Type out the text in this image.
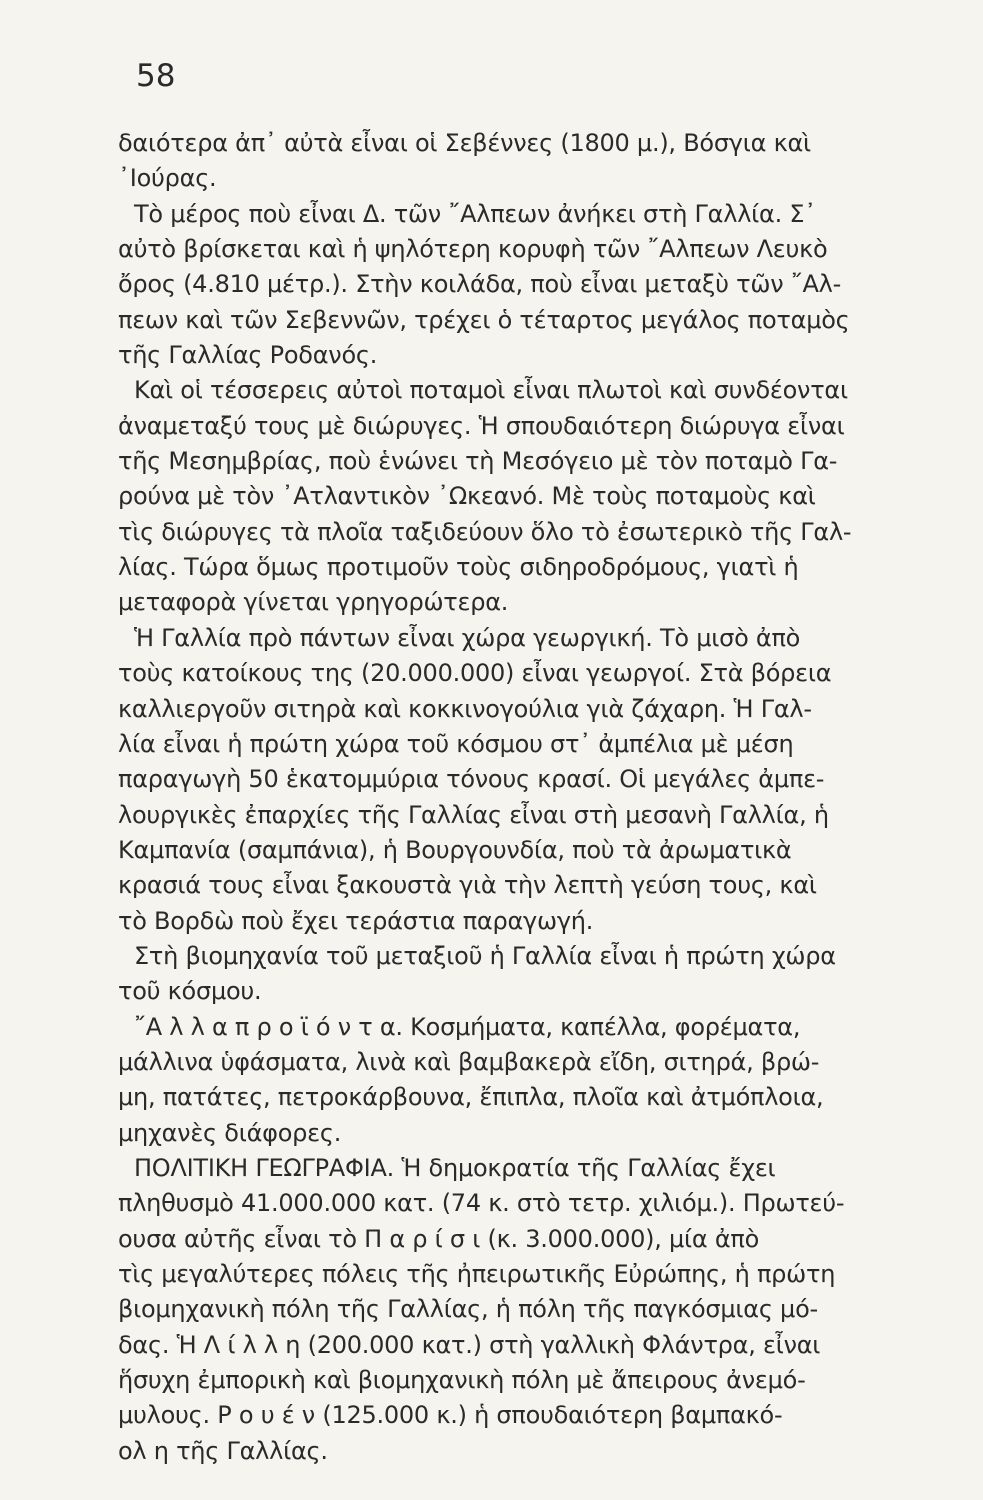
58
δαιότερα ἀπ᾽ αὐτὰ εἶναι οἱ Σεβέννες (1800 μ.), Βόσγια καὶ
᾽Ιούρας.
Τὸ μέρος ποὺ εἶναι Δ. τῶν ῎Αλπεων ἀνήκει στὴ Γαλλία. Σ᾽
αὐτὸ βρίσκεται καὶ ἡ ψηλότερη κορυφὴ τῶν ῎Αλπεων Λευκὸ
ὄρος (4.810 μέτρ.). Στὴν κοιλάδα, ποὺ εἶναι μεταξὺ τῶν ῎Αλ-
πεων καὶ τῶν Σεβεννῶν, τρέχει ὁ τέταρτος μεγάλος ποταμὸς
τῆς Γαλλίας Ροδανός.
Καὶ οἱ τέσσερεις αὐτοὶ ποταμοὶ εἶναι πλωτοὶ καὶ συνδέονται
ἀναμεταξύ τους μὲ διώρυγες. Ἡ σπουδαιότερη διώρυγα εἶναι
τῆς Μεσημβρίας, ποὺ ἑνώνει τὴ Μεσόγειο μὲ τὸν ποταμὸ Γα-
ρούνα μὲ τὸν ᾽Ατλαντικὸν ᾽Ωκεανό. Μὲ τοὺς ποταμοὺς καὶ
τὶς διώρυγες τὰ πλοῖα ταξιδεύουν ὅλο τὸ ἐσωτερικὸ τῆς Γαλ-
λίας. Τώρα ὅμως προτιμοῦν τοὺς σιδηροδρόμους, γιατὶ ἡ
μεταφορὰ γίνεται γρηγορώτερα.
Ἡ Γαλλία πρὸ πάντων εἶναι χώρα γεωργική. Τὸ μισὸ ἀπὸ
τοὺς κατοίκους της (20.000.000) εἶναι γεωργοί. Στὰ βόρεια
καλλιεργοῦν σιτηρὰ καὶ κοκκινογούλια γιὰ ζάχαρη. Ἡ Γαλ-
λία εἶναι ἡ πρώτη χώρα τοῦ κόσμου στ᾽ ἀμπέλια μὲ μέση
παραγωγὴ 50 ἑκατομμύρια τόνους κρασί. Οἱ μεγάλες ἀμπε-
λουργικὲς ἐπαρχίες τῆς Γαλλίας εἶναι στὴ μεσανὴ Γαλλία, ἡ
Καμπανία (σαμπάνια), ἡ Βουργουνδία, ποὺ τὰ ἀρωματικὰ
κρασιά τους εἶναι ξακουστὰ γιὰ τὴν λεπτὴ γεύση τους, καὶ
τὸ Βορδὼ ποὺ ἔχει τεράστια παραγωγή.
Στὴ βιομηχανία τοῦ μεταξιοῦ ἡ Γαλλία εἶναι ἡ πρώτη χώρα
τοῦ κόσμου.
῎Α λ λ α π ρ ο ϊ ό ν τ α. Κοσμήματα, καπέλλα, φορέματα,
μάλλινα ὑφάσματα, λινὰ καὶ βαμβακερὰ εἴδη, σιτηρά, βρώ-
μη, πατάτες, πετροκάρβουνα, ἔπιπλα, πλοῖα καὶ ἀτμόπλοια,
μηχανὲς διάφορες.
ΠΟΛΙΤΙΚΗ ΓΕΩΓΡΑΦΙΑ. Ἡ δημοκρατία τῆς Γαλλίας ἔχει
πληθυσμὸ 41.000.000 κατ. (74 κ. στὸ τετρ. χιλιόμ.). Πρωτεύ-
ουσα αὐτῆς εἶναι τὸ Π α ρ ί σ ι (κ. 3.000.000), μία ἀπὸ
τὶς μεγαλύτερες πόλεις τῆς ἠπειρωτικῆς Εὐρώπης, ἡ πρώτη
βιομηχανικὴ πόλη τῆς Γαλλίας, ἡ πόλη τῆς παγκόσμιας μό-
δας. Ἡ Λ ί λ λ η (200.000 κατ.) στὴ γαλλικὴ Φλάντρα, εἶναι
ἥσυχη ἐμπορικὴ καὶ βιομηχανικὴ πόλη μὲ ἄπειρους ἀνεμό-
μυλους. Ρ ο υ έ ν (125.000 κ.) ἡ σπουδαιότερη βαμπακό-
ολ η τῆς Γαλλίας.
